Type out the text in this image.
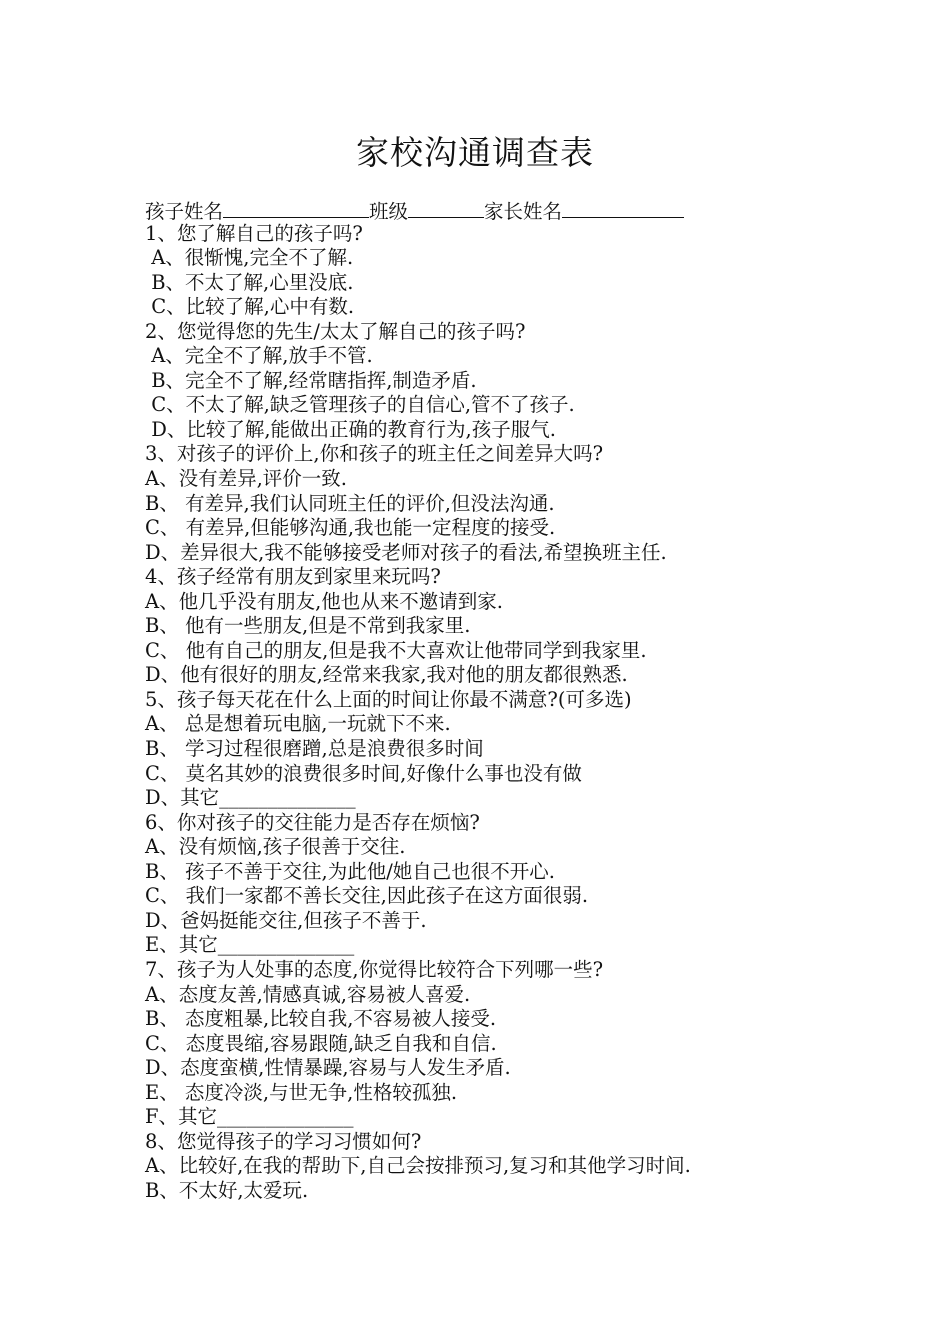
家校沟通调查表
孩子姓名	班级	家长姓名
1、您了解自己的孩子吗?
A、很惭愧,完全不了解.
B、不太了解,心里没底.
C、比较了解,心中有数.
2、您觉得您的先生/太太了解自己的孩子吗?
A、完全不了解,放手不管.
B、完全不了解,经常瞎指挥,制造矛盾.
C、不太了解,缺乏管理孩子的自信心,管不了孩子.
D、比较了解,能做出正确的教育行为,孩子服气.
3、对孩子的评价上,你和孩子的班主任之间差异大吗?
A、没有差异,评价一致.
B、 有差异,我们认同班主任的评价,但没法沟通.
C、 有差异,但能够沟通,我也能一定程度的接受.
D、差异很大,我不能够接受老师对孩子的看法,希望换班主任.
4、孩子经常有朋友到家里来玩吗?
A、他几乎没有朋友,他也从来不邀请到家.
B、 他有一些朋友,但是不常到我家里.
C、 他有自己的朋友,但是我不大喜欢让他带同学到我家里.
D、他有很好的朋友,经常来我家,我对他的朋友都很熟悉.
5、孩子每天花在什么上面的时间让你最不满意?(可多选)
A、 总是想着玩电脑,一玩就下不来.
B、 学习过程很磨蹭,总是浪费很多时间
C、 莫名其妙的浪费很多时间,好像什么事也没有做
D、其它______________
6、你对孩子的交往能力是否存在烦恼?
A、没有烦恼,孩子很善于交往.
B、 孩子不善于交往,为此他/她自己也很不开心.
C、 我们一家都不善长交往,因此孩子在这方面很弱.
D、爸妈挺能交往,但孩子不善于.
E、其它______________
7、孩子为人处事的态度,你觉得比较符合下列哪一些?
A、态度友善,情感真诚,容易被人喜爱.
B、 态度粗暴,比较自我,不容易被人接受.
C、 态度畏缩,容易跟随,缺乏自我和自信.
D、态度蛮横,性情暴躁,容易与人发生矛盾.
E、 态度冷淡,与世无争,性格较孤独.
F、其它______________
8、您觉得孩子的学习习惯如何?
A、比较好,在我的帮助下,自己会按排预习,复习和其他学习时间.
B、不太好,太爱玩.
